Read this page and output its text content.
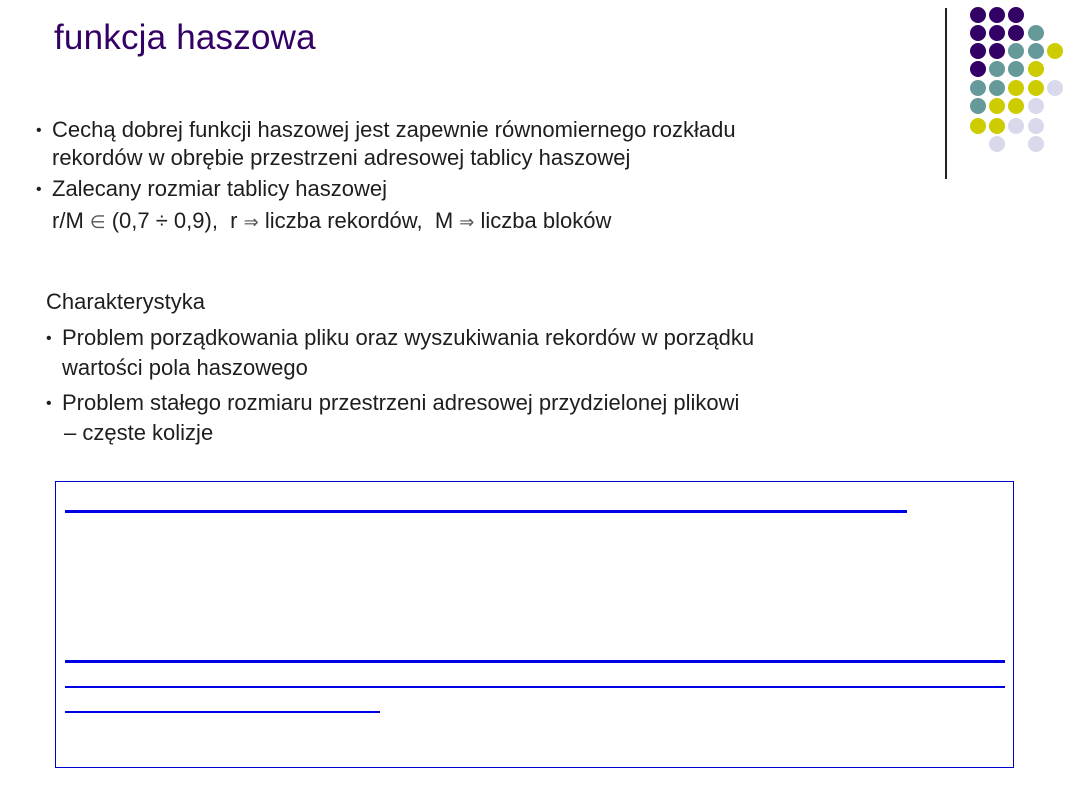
funkcja haszowa
• Cechą dobrej funkcji haszowej jest zapewnie równomiernego rozkładu
rekordów w obrębie przestrzeni adresowej tablicy haszowej
• Zalecany rozmiar tablicy haszowej
r/M ∈ (0,7 ÷ 0,9), r ⇒ liczba rekordów, M ⇒ liczba bloków
Charakterystyka
• Problem porządkowania pliku oraz wyszukiwania rekordów w porządku
wartości pola haszowego
• Problem stałego rozmiaru przestrzeni adresowej przydzielonej plikowi
– częste kolizje
